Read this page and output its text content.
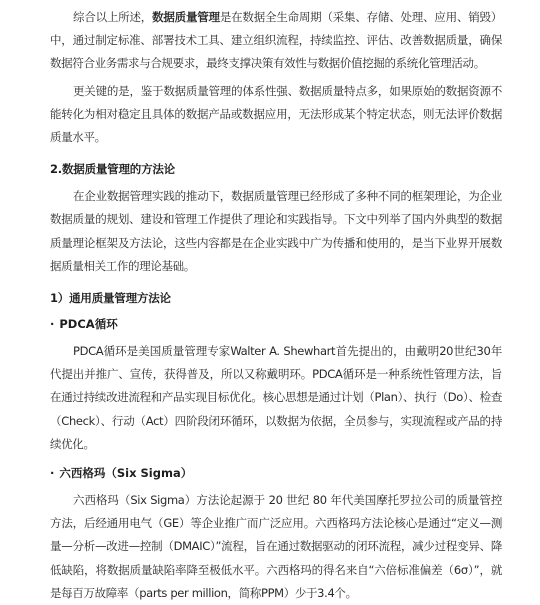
综合以上所述，数据质量管理是在数据全生命周期（采集、存储、处理、应用、销毁）中，通过制定标准、部署技术工具、建立组织流程，持续监控、评估、改善数据质量，确保数据符合业务需求与合规要求，最终支撑决策有效性与数据价值挖掘的系统化管理活动。

更关键的是，鉴于数据质量管理的体系性强、数据质量特点多，如果原始的数据资源不能转化为相对稳定且具体的数据产品或数据应用，无法形成某个特定状态，则无法评价数据质量水平。

2.数据质量管理的方法论

在企业数据管理实践的推动下，数据质量管理已经形成了多种不同的框架理论，为企业数据质量的规划、建设和管理工作提供了理论和实践指导。下文中列举了国内外典型的数据质量理论框架及方法论，这些内容都是在企业实践中广为传播和使用的，是当下业界开展数据质量相关工作的理论基础。

1）通用质量管理方法论
· PDCA循环

PDCA循环是美国质量管理专家Walter A. Shewhart首先提出的，由戴明20世纪30年代提出并推广、宣传，获得普及，所以又称戴明环。PDCA循环是一种系统性管理方法，旨在通过持续改进流程和产品实现目标优化。核心思想是通过计划（Plan）、执行（Do）、检查（Check）、行动（Act）四阶段闭环循环，以数据为依据，全员参与，实现流程或产品的持续优化。

· 六西格玛（Six Sigma）

六西格玛（Six Sigma）方法论起源于 20 世纪 80 年代美国摩托罗拉公司的质量管控方法，后经通用电气（GE）等企业推广而广泛应用。六西格玛方法论核心是通过“定义—测量—分析—改进—控制（DMAIC）”流程，旨在通过数据驱动的闭环流程，减少过程变异、降低缺陷，将数据质量缺陷率降至极低水平。六西格玛的得名来自“六倍标准偏差（6σ）”，就是每百万故障率（parts per million，简称PPM）少于3.4个。
